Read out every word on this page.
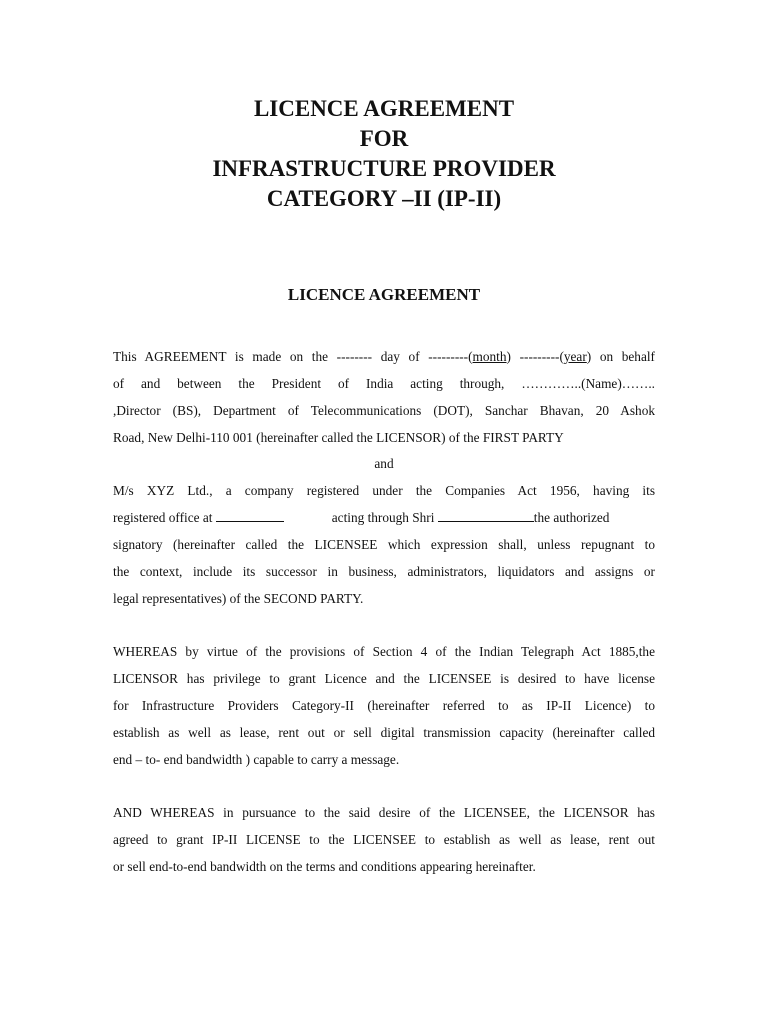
LICENCE AGREEMENT
FOR
INFRASTRUCTURE PROVIDER
CATEGORY –II (IP-II)
LICENCE AGREEMENT
This AGREEMENT is made on the -------- day of ---------(month) ---------(year) on behalf
of and between the President of India acting through, …………..(Name)……..
,Director (BS), Department of Telecommunications (DOT), Sanchar Bhavan, 20 Ashok
Road, New Delhi-110 001 (hereinafter called the LICENSOR) of the FIRST PARTY
and
M/s XYZ Ltd., a company registered under the Companies Act 1956, having its
registered office at	acting through Shri	the authorized
signatory (hereinafter called the LICENSEE which expression shall, unless repugnant to
the context, include its successor in business, administrators, liquidators and assigns or
legal representatives) of the SECOND PARTY.
WHEREAS by virtue of the provisions of Section 4 of the Indian Telegraph Act 1885,the
LICENSOR has privilege to grant Licence and the LICENSEE is desired to have license
for Infrastructure Providers Category-II (hereinafter referred to as IP-II Licence) to
establish as well as lease, rent out or sell digital transmission capacity (hereinafter called
end – to- end bandwidth ) capable to carry a message.
AND WHEREAS in pursuance to the said desire of the LICENSEE, the LICENSOR has
agreed to grant IP-II LICENSE to the LICENSEE to establish as well as lease, rent out
or sell end-to-end bandwidth on the terms and conditions appearing hereinafter.
